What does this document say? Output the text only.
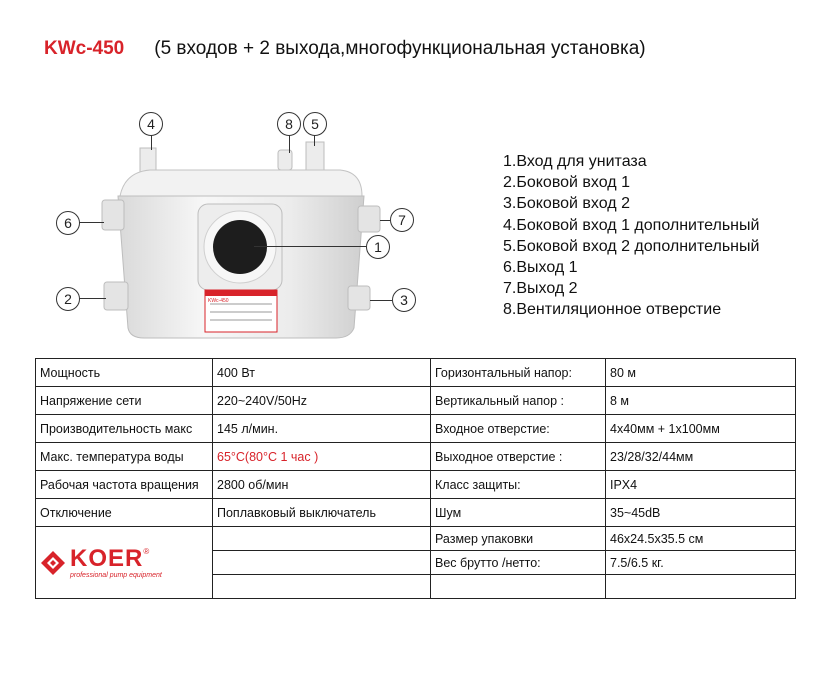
KWc-450 (5 входов + 2 выхода,многофункциональная установка)
KWc-450
4	8	5
6
2
7
3
1
1.Вход для унитаза
2.Боковой вход 1
3.Боковой вход 2
4.Боковой вход 1 дополнительный
5.Боковой вход 2 дополнительный
6.Выход 1
7.Выход 2
8.Вентиляционное отверстие
Мощность	400 Вт	Горизонтальный напор:	80 м
Напряжение сети	220~240V/50Hz	Вертикальный напор :	8 м
Производительность макс	145 л/мин.	Входное отверстие:	4x40мм + 1x100мм
Макс. температура воды	65°C(80°C 1 час )	Выходное отверстие :	23/28/32/44мм
Рабочая частота вращения	2800 об/мин	Класс защиты:	IPX4
Отключение	Поплавковый выключатель	Шум	35~45dB

KOER®
professional pump equipment		Размер упаковки	46x24.5x35.5 cм
		Вес брутто /нетто:	7.5/6.5 кг.
